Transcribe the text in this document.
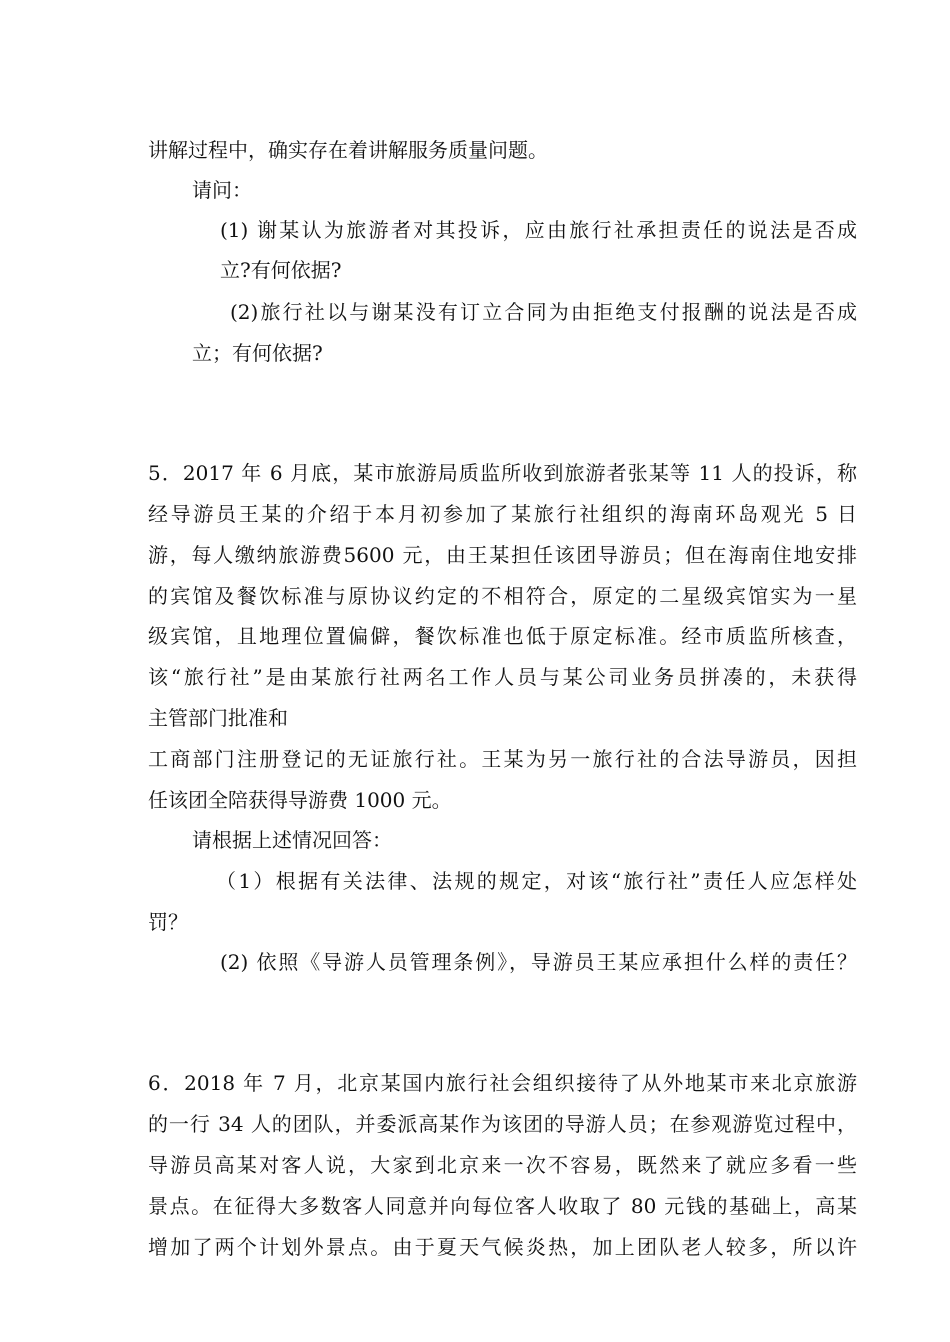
讲解过程中，确实存在着讲解服务质量问题。
请问：
(1) 谢某认为旅游者对其投诉，应由旅行社承担责任的说法是否成
立?有何依据?
(2)旅行社以与谢某没有订立合同为由拒绝支付报酬的说法是否成
立；有何依据?
5．2017 年 6 月底，某市旅游局质监所收到旅游者张某等 11 人的投诉，称
经导游员王某的介绍于本月初参加了某旅行社组织的海南环岛观光 5 日
游，每人缴纳旅游费5600 元，由王某担任该团导游员；但在海南住地安排
的宾馆及餐饮标准与原协议约定的不相符合，原定的二星级宾馆实为一星
级宾馆，且地理位置偏僻，餐饮标准也低于原定标准。经市质监所核查，
该“旅行社”是由某旅行社两名工作人员与某公司业务员拼凑的，未获得
主管部门批准和
工商部门注册登记的无证旅行社。王某为另一旅行社的合法导游员，因担
任该团全陪获得导游费 1000 元。
请根据上述情况回答：
（1）根据有关法律、法规的规定，对该“旅行社”责任人应怎样处
罚？
(2) 依照《导游人员管理条例》，导游员王某应承担什么样的责任？
6．2018 年 7 月，北京某国内旅行社会组织接待了从外地某市来北京旅游
的一行 34 人的团队，并委派高某作为该团的导游人员；在参观游览过程中，
导游员高某对客人说，大家到北京来一次不容易，既然来了就应多看一些
景点。在征得大多数客人同意并向每位客人收取了 80 元钱的基础上，高某
增加了两个计划外景点。由于夏天气候炎热，加上团队老人较多，所以许
